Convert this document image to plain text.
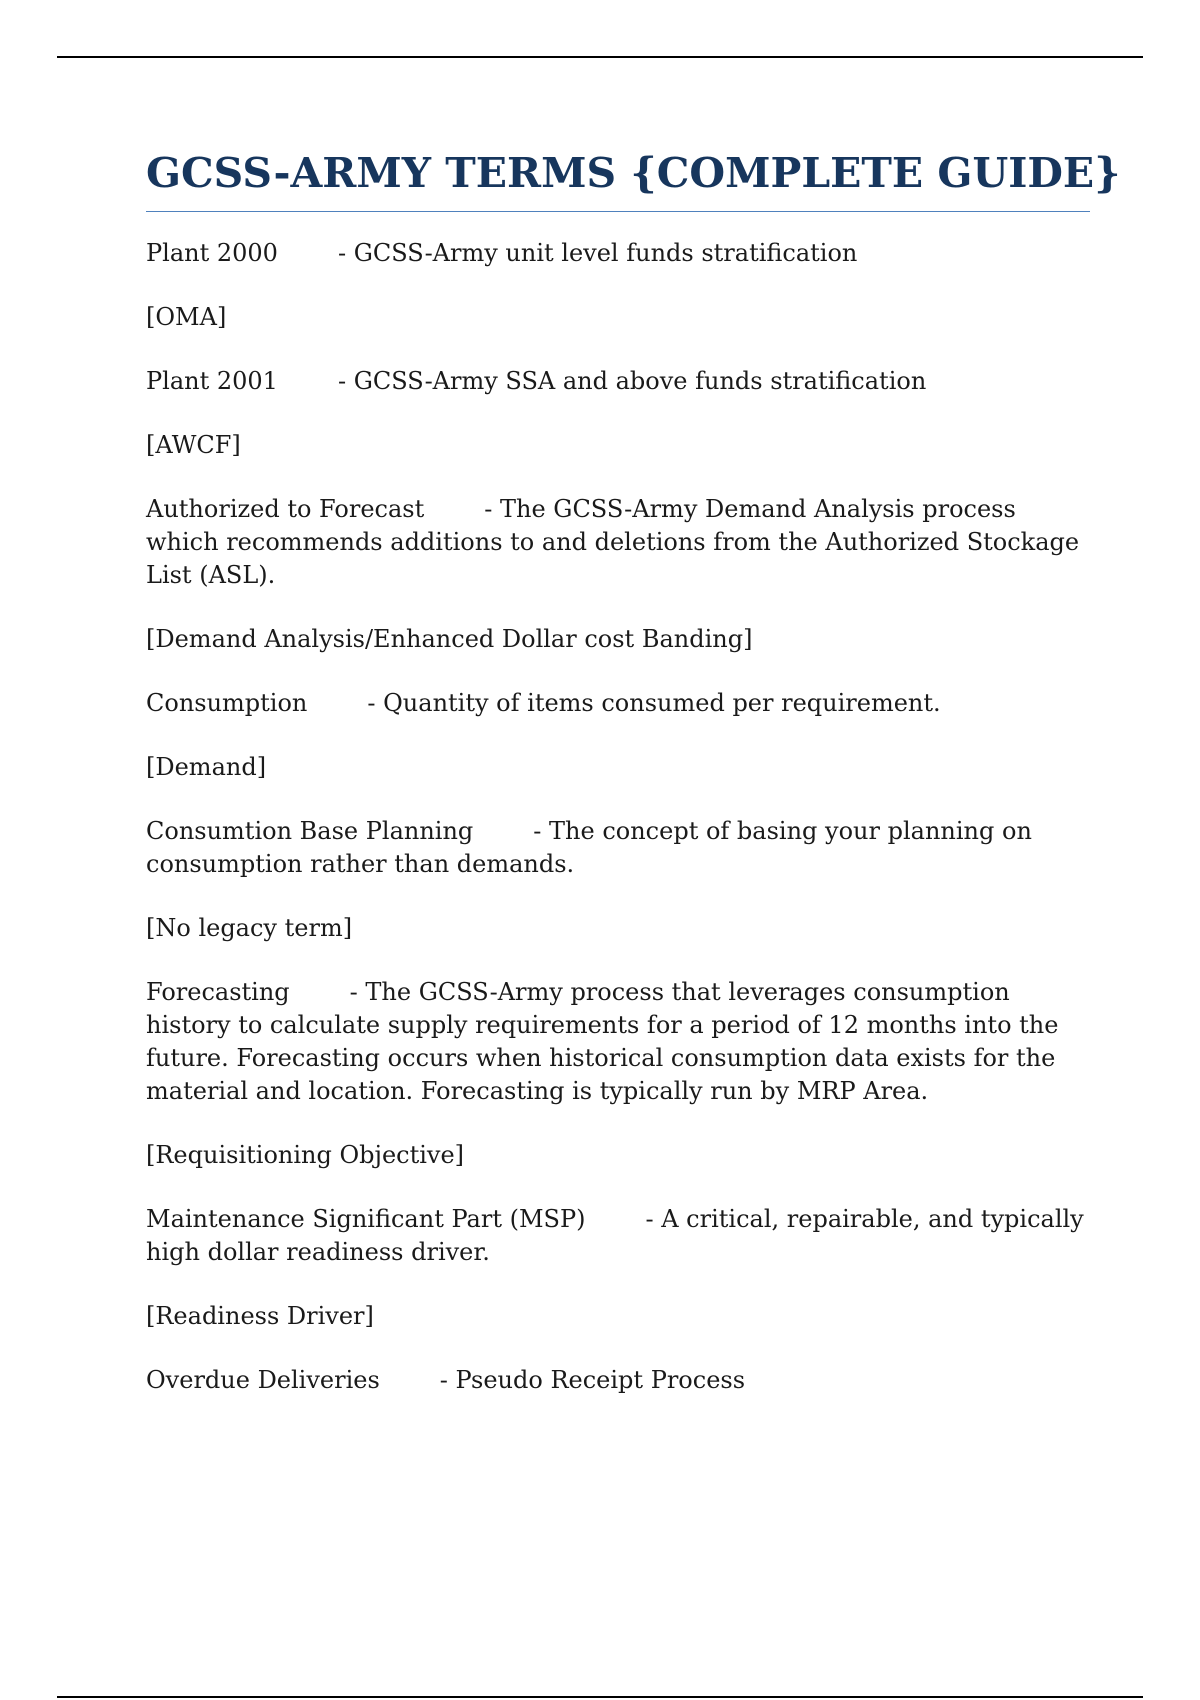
GCSS-ARMY TERMS {COMPLETE GUIDE}

Plant 2000	- GCSS-Army unit level funds stratification

[OMA]

Plant 2001	- GCSS-Army SSA and above funds stratification

[AWCF]

Authorized to Forecast	- The GCSS-Army Demand Analysis process which recommends additions to and deletions from the Authorized Stockage List (ASL).

[Demand Analysis/Enhanced Dollar cost Banding]

Consumption	- Quantity of items consumed per requirement.

[Demand]

Consumtion Base Planning	- The concept of basing your planning on consumption rather than demands.

[No legacy term]

Forecasting	- The GCSS-Army process that leverages consumption history to calculate supply requirements for a period of 12 months into the future. Forecasting occurs when historical consumption data exists for the material and location. Forecasting is typically run by MRP Area.

[Requisitioning Objective]

Maintenance Significant Part (MSP)	- A critical, repairable, and typically high dollar readiness driver.

[Readiness Driver]

Overdue Deliveries	- Pseudo Receipt Process
